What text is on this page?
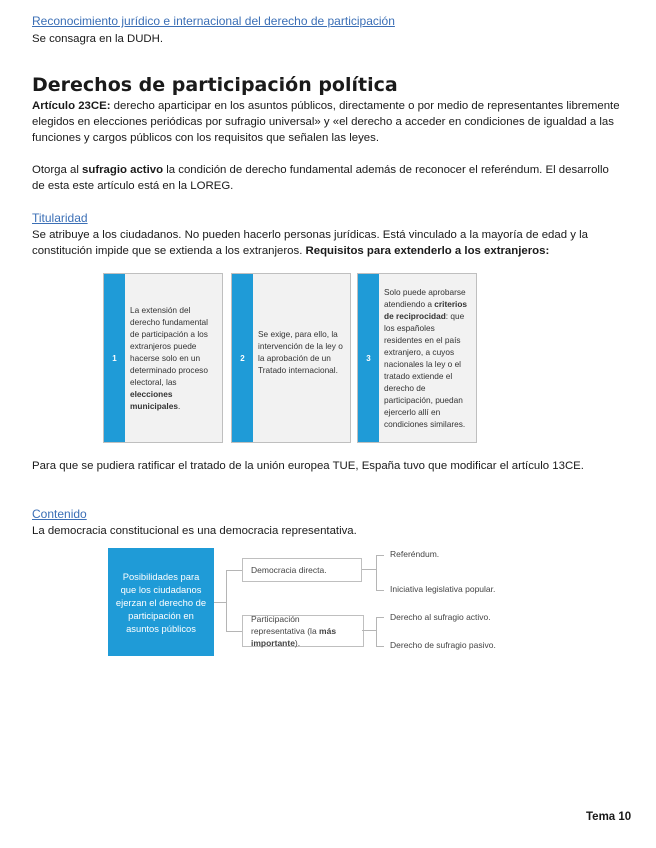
Reconocimiento jurídico e internacional del derecho de participación
Se consagra en la DUDH.
Derechos de participación política
Artículo 23CE: derecho aparticipar en los asuntos públicos, directamente o por medio de representantes libremente elegidos en elecciones periódicas por sufragio universal» y «el derecho a acceder en condiciones de igualdad a las funciones y cargos públicos con los requisitos que señalen las leyes.
Otorga al sufragio activo la condición de derecho fundamental además de reconocer el referéndum. El desarrollo de esta este artículo está en la LOREG.
Titularidad
Se atribuye a los ciudadanos. No pueden hacerlo personas jurídicas. Está vinculado a la mayoría de edad y la constitución impide que se extienda a los extranjeros. Requisitos para extenderlo a los extranjeros:
1
La extensión del derecho fundamental de participación a los extranjeros puede hacerse solo en un determinado proceso electoral, las elecciones municipales.
2
Se exige, para ello, la intervención de la ley o la aprobación de un Tratado internacional.
3
Solo puede aprobarse atendiendo a criterios de reciprocidad: que los españoles residentes en el país extranjero, a cuyos nacionales la ley o el tratado extiende el derecho de participación, puedan ejercerlo allí en condiciones similares.
Para que se pudiera ratificar el tratado de la unión europea TUE, España tuvo que modificar el artículo 13CE.
Contenido
La democracia constitucional es una democracia representativa.
Posibilidades para que los ciudadanos ejerzan el derecho de participación en asuntos públicos
Democracia directa.
Participación representativa (la más importante).
Referéndum.
Iniciativa legislativa popular.
Derecho al sufragio activo.
Derecho de sufragio pasivo.
Tema 10
